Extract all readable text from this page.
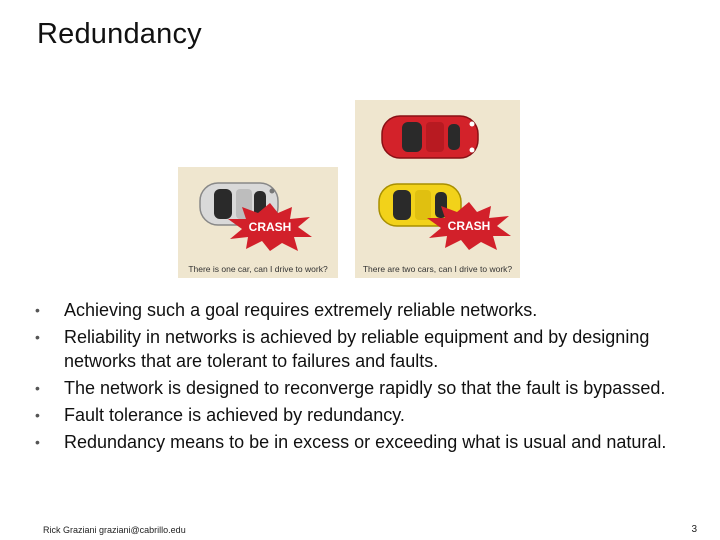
Redundancy
CRASH
There is one car, can I drive to work?
CRASH
There are two cars, can I drive to work?
• Achieving such a goal requires extremely reliable networks.
• Reliability in networks is achieved by reliable equipment and by designing networks that are tolerant to failures and faults.
• The network is designed to reconverge rapidly so that the fault is bypassed.
• Fault tolerance is achieved by redundancy.
• Redundancy means to be in excess or exceeding what is usual and natural.
Rick Graziani graziani@cabrillo.edu	3
